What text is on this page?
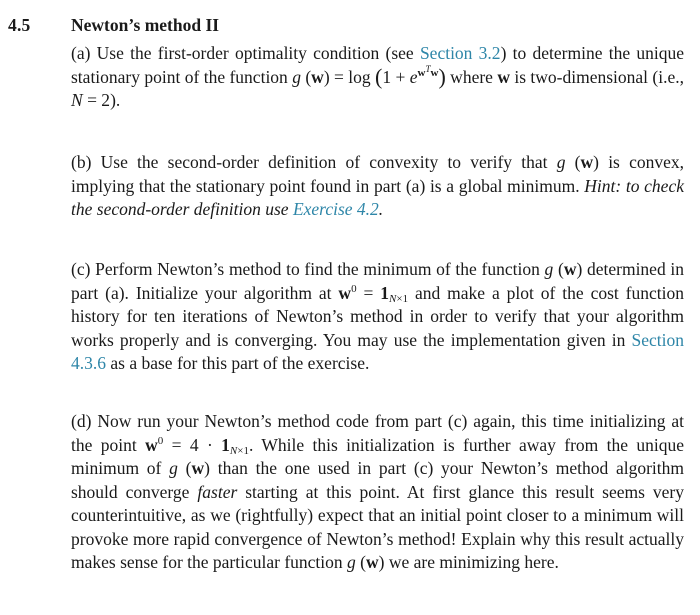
4.5 Newton’s method II

(a) Use the first-order optimality condition (see Section 3.2) to determine the unique stationary point of the function g $(w) = \log (1 + e^{w^Tw})$ where w is two-dimensional (i.e., N = 2).

(b) Use the second-order definition of convexity to verify that g (w) is convex, implying that the stationary point found in part (a) is a global minimum. Hint: to check the second-order definition use Exercise 4.2.

(c) Perform Newton’s method to find the minimum of the function g (w) determined in part (a). Initialize your algorithm at $w^0 = 1_{N\times 1}$ and make a plot of the cost function history for ten iterations of Newton’s method in order to verify that your algorithm works properly and is converging. You may use the implementation given in Section 4.3.6 as a base for this part of the exercise.

(d) Now run your Newton’s method code from part (c) again, this time initializing at the point $w^0 = 4 \cdot 1_{N\times 1}$. While this initialization is further away from the unique minimum of g (w) than the one used in part (c) your Newton’s method algorithm should converge faster starting at this point. At first glance this result seems very counterintuitive, as we (rightfully) expect that an initial point closer to a minimum will provoke more rapid convergence of Newton’s method! Explain why this result actually makes sense for the particular function g (w) we are minimizing here.
